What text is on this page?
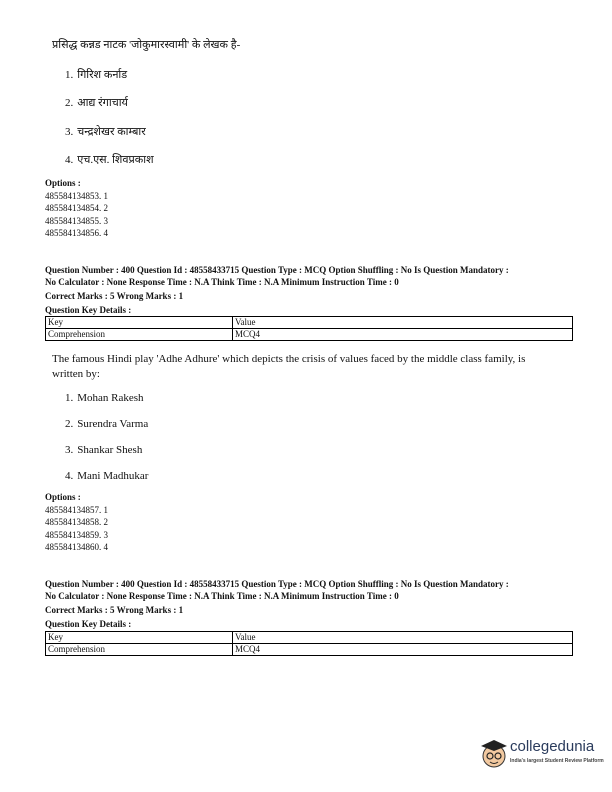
प्रसिद्ध कन्नड नाटक 'जोकुमारस्वामी' के लेखक है-
1. गिरिश कर्नाड
2. आद्य रंगाचार्य
3. चन्द्रशेखर काम्बार
4. एच.एस. शिवप्रकाश
Options :
485584134853. 1
485584134854. 2
485584134855. 3
485584134856. 4
Question Number : 400 Question Id : 48558433715 Question Type : MCQ Option Shuffling : No Is Question Mandatory :
No Calculator : None Response Time : N.A Think Time : N.A Minimum Instruction Time : 0
Correct Marks : 5 Wrong Marks : 1
Question Key Details :
Key	Value
Comprehension	MCQ4
The famous Hindi play 'Adhe Adhure' which depicts the crisis of values faced by the middle class family, is
written by:
1. Mohan Rakesh
2. Surendra Varma
3. Shankar Shesh
4. Mani Madhukar
Options :
485584134857. 1
485584134858. 2
485584134859. 3
485584134860. 4
Question Number : 400 Question Id : 48558433715 Question Type : MCQ Option Shuffling : No Is Question Mandatory :
No Calculator : None Response Time : N.A Think Time : N.A Minimum Instruction Time : 0
Correct Marks : 5 Wrong Marks : 1
Question Key Details :
Key	Value
Comprehension	MCQ4
collegedunia
India's largest Student Review Platform
